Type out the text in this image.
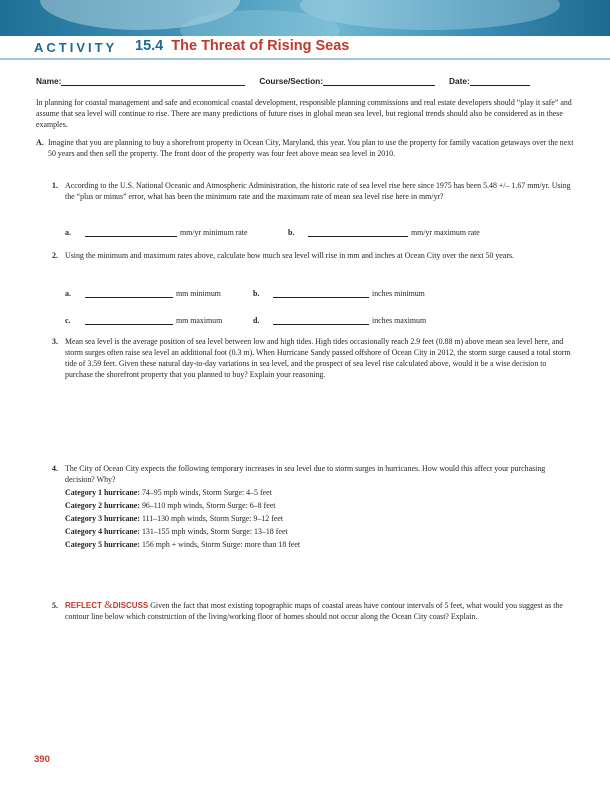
ACTIVITY	15.4 The Threat of Rising Seas
Name:	Course/Section:	Date:
In planning for coastal management and safe and economical coastal development, responsible planning commissions and real estate developers should “play it safe” and assume that sea level will continue to rise. There are many predictions of future rises in global mean sea level, but regional trends should also be considered as in these examples.
A. Imagine that you are planning to buy a shorefront property in Ocean City, Maryland, this year. You plan to use the property for family vacation getaways over the next 50 years and then sell the property. The front door of the property was four feet above mean sea level in 2010.
1. According to the U.S. National Oceanic and Atmospheric Administration, the historic rate of sea level rise here since 1975 has been 5.48 +/– 1.67 mm/yr. Using the “plus or minus” error, what has been the minimum rate and the maximum rate of mean sea level rise here in mm/yr?
a.	mm/yr minimum rate	b.	mm/yr maximum rate
2. Using the minimum and maximum rates above, calculate how much sea level will rise in mm and inches at Ocean City over the next 50 years.
a.	mm minimum	b.	inches minimum
c.	mm maximum	d.	inches maximum
3. Mean sea level is the average position of sea level between low and high tides. High tides occasionally reach 2.9 feet (0.88 m) above mean sea level here, and storm surges often raise sea level an additional foot (0.3 m). When Hurricane Sandy passed offshore of Ocean City in 2012, the storm surge caused a total storm tide of 3.59 feet. Given these natural day-to-day variations in sea level, and the prospect of sea level rise calculated above, would it be a wise decision to purchase the shorefront property that you planned to buy? Explain your reasoning.
4. The City of Ocean City expects the following temporary increases in sea level due to storm surges in hurricanes. How would this affect your purchasing decision? Why?
Category 1 hurricane: 74–95 mph winds, Storm Surge: 4–5 feet
Category 2 hurricane: 96–110 mph winds, Storm Surge: 6–8 feet
Category 3 hurricane: 111–130 mph winds, Storm Surge: 9–12 feet
Category 4 hurricane: 131–155 mph winds, Storm Surge: 13–18 feet
Category 5 hurricane: 156 mph + winds, Storm Surge: more than 18 feet
5. REFLECT &DISCUSS Given the fact that most existing topographic maps of coastal areas have contour intervals of 5 feet, what would you suggest as the contour line below which construction of the living/working floor of homes should not occur along the Ocean City coast? Explain.
390
